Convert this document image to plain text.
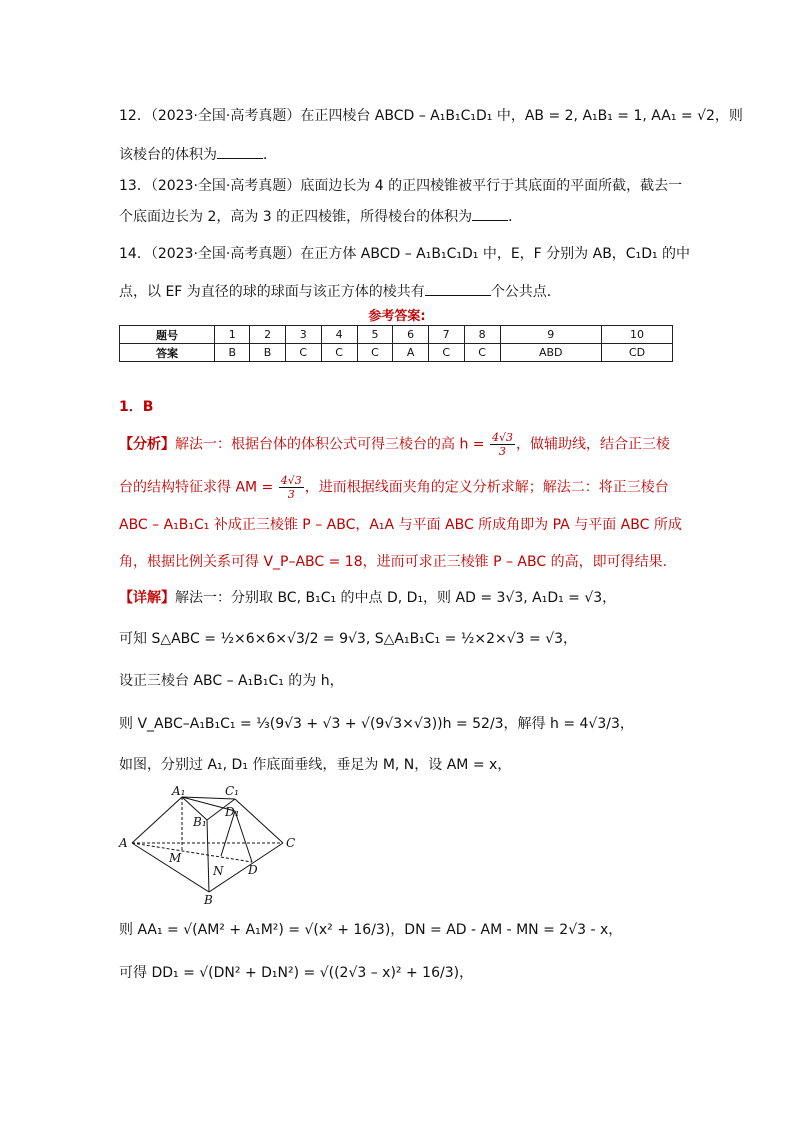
12．（2023·全国·高考真题）在正四棱台 ABCD – A₁B₁C₁D₁ 中，AB = 2, A₁B₁ = 1, AA₁ = √2，则
该棱台的体积为	．
13．（2023·全国·高考真题）底面边长为 4 的正四棱锥被平行于其底面的平面所截，截去一
个底面边长为 2，高为 3 的正四棱锥，所得棱台的体积为	．
14．（2023·全国·高考真题）在正方体 ABCD – A₁B₁C₁D₁ 中，E，F 分别为 AB，C₁D₁ 的中
点，以 EF 为直径的球的球面与该正方体的棱共有	个公共点．
参考答案:
题号	1	2	3	4	5	6	7	8	9	10
答案	B	B	C	C	C	A	C	C	ABD	CD
1．B
【分析】解法一：根据台体的体积公式可得三棱台的高 $h = \frac{4√3}{3}$ ，做辅助线，结合正三棱
台的结构特征求得 AM = $\frac{4√3}{3}$ ，进而根据线面夹角的定义分析求解；解法二：将正三棱台
ABC – A₁B₁C₁ 补成正三棱锥 P – ABC，A₁A 与平面 ABC 所成角即为 PA 与平面 ABC 所成
角，根据比例关系可得 V_P–ABC = 18，进而可求正三棱锥 P – ABC 的高，即可得结果.
【详解】解法一：分别取 BC, B₁C₁ 的中点 D, D₁，则 AD = 3√3, A₁D₁ = √3，
可知 S△ABC = ½×6×6×√3/2 = 9√3, S△A₁B₁C₁ = ½×2×√3 = √3，
设正三棱台 ABC – A₁B₁C₁ 的为 h，
则 V_ABC–A₁B₁C₁ = ⅓(9√3 + √3 + √(9√3×√3))h = 52/3，解得 h = 4√3/3，
如图，分别过 A₁, D₁ 作底面垂线，垂足为 M, N，设 AM = x，
A₁	C₁
B₁
D₁
A	C
M
N D
B
则 AA₁ = √(AM² + A₁M²) = √(x² + 16/3)，DN = AD - AM - MN = 2√3 - x，
可得 DD₁ = √(DN² + D₁N²) = √((2√3 – x)² + 16/3)，
